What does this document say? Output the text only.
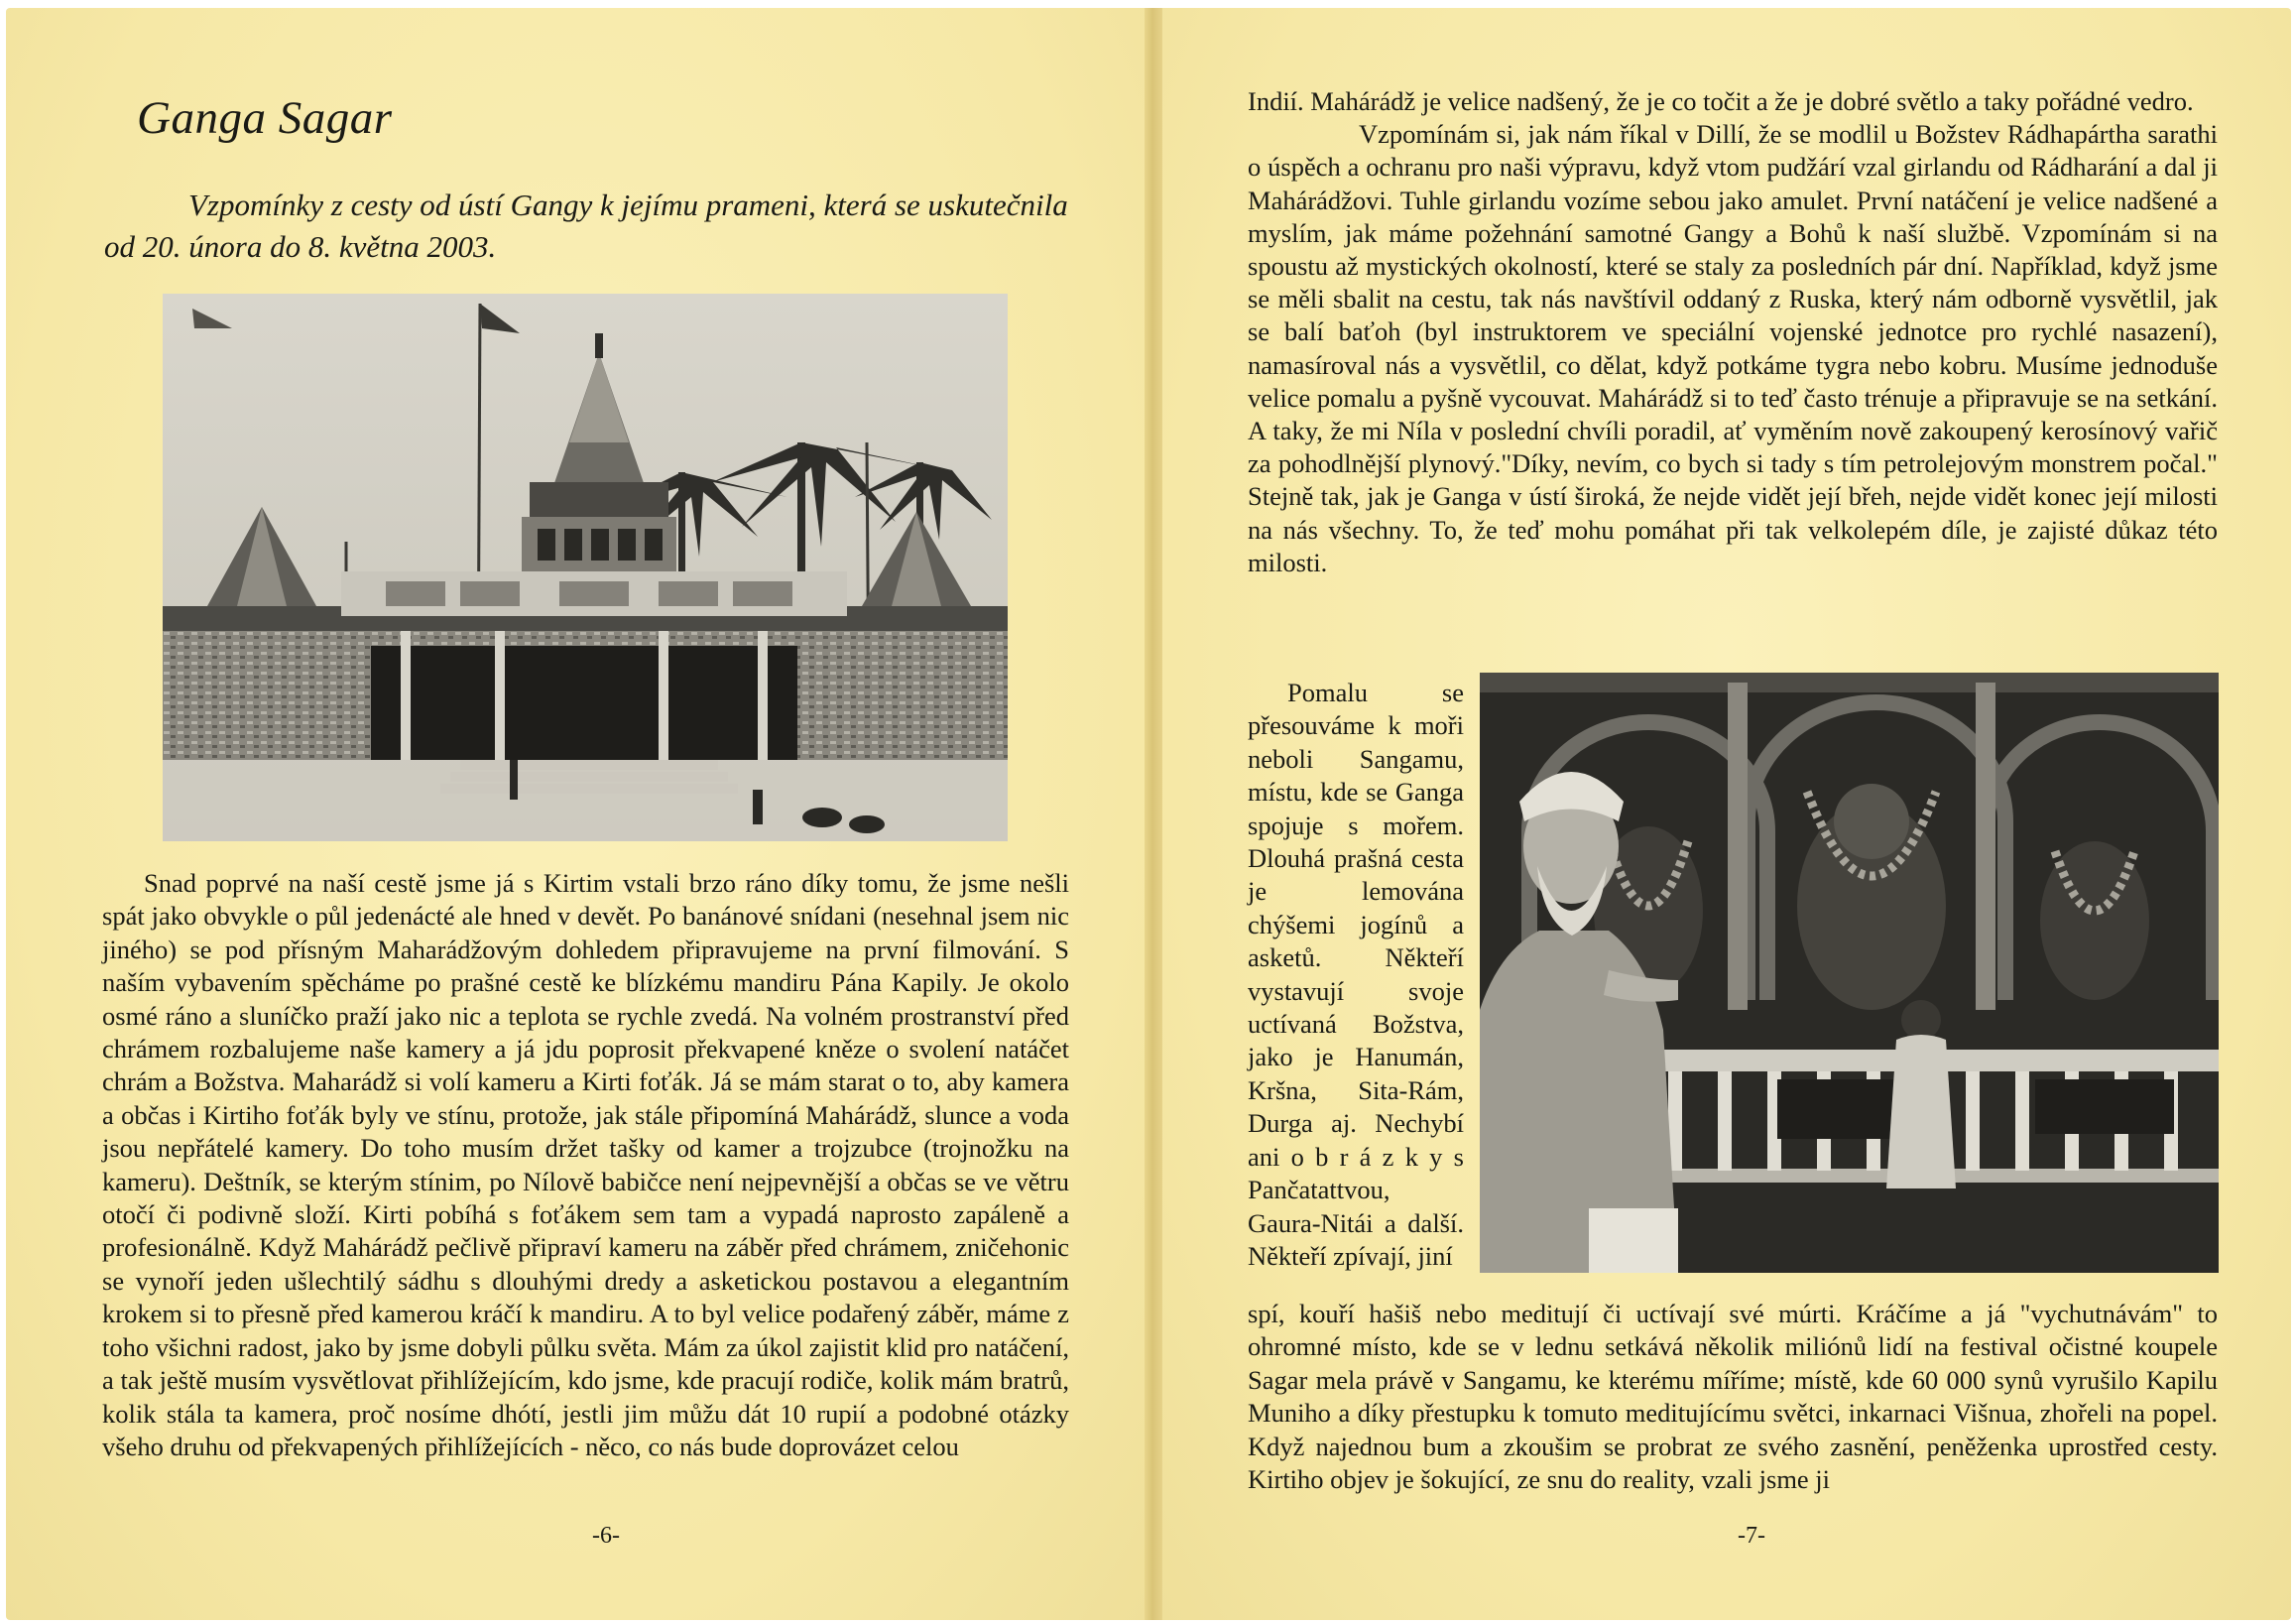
Ganga Sagar

Vzpomínky z cesty od ústí Gangy k jejímu prameni, která se uskutečnila od 20. února do 8. května 2003.

Snad poprvé na naší cestě jsme já s Kirtim vstali brzo ráno díky tomu, že jsme nešli spát jako obvykle o půl jedenácté ale hned v devět. Po banánové snídani (nesehnal jsem nic jiného) se pod přísným Maharádžovým dohledem připravujeme na první filmování. S naším vybavením spěcháme po prašné cestě ke blízkému mandiru Pána Kapily. Je okolo osmé ráno a sluníčko praží jako nic a teplota se rychle zvedá. Na volném prostranství před chrámem rozbalujeme naše kamery a já jdu poprosit překvapené kněze o svolení natáčet chrám a Božstva. Maharádž si volí kameru a Kirti foťák. Já se mám starat o to, aby kamera a občas i Kirtiho foťák byly ve stínu, protože, jak stále připomíná Mahárádž, slunce a voda jsou nepřátelé kamery. Do toho musím držet tašky od kamer a trojzubce (trojnožku na kameru). Deštník, se kterým stínim, po Nílově babičce není nejpevnější a občas se ve větru otočí či podivně složí. Kirti pobíhá s foťákem sem tam a vypadá naprosto zapáleně a profesionálně. Když Mahárádž pečlivě připraví kameru na záběr před chrámem, zničehonic se vynoří jeden ušlechtilý sádhu s dlouhými dredy a asketickou postavou a elegantním krokem si to přesně před kamerou kráčí k mandiru. A to byl velice podařený záběr, máme z toho všichni radost, jako by jsme dobyli půlku světa. Mám za úkol zajistit klid pro natáčení, a tak ještě musím vysvětlovat přihlížejícím, kdo jsme, kde pracují rodiče, kolik mám bratrů, kolik stála ta kamera, proč nosíme dhótí, jestli jim můžu dát 10 rupií a podobné otázky všeho druhu od překvapených přihlížejících - něco, co nás bude doprovázet celou

-6-

Indií. Mahárádž je velice nadšený, že je co točit a že je dobré světlo a taky pořádné vedro.

Vzpomínám si, jak nám říkal v Dillí, že se modlil u Božstev Rádhapártha sarathi o úspěch a ochranu pro naši výpravu, když vtom pudžárí vzal girlandu od Rádharání a dal ji Mahárádžovi. Tuhle girlandu vozíme sebou jako amulet. První natáčení je velice nadšené a myslím, jak máme požehnání samotné Gangy a Bohů k naší službě. Vzpomínám si na spoustu až mystických okolností, které se staly za posledních pár dní. Například, když jsme se měli sbalit na cestu, tak nás navštívil oddaný z Ruska, který nám odborně vysvětlil, jak se balí baťoh (byl instruktorem ve speciální vojenské jednotce pro rychlé nasazení), namasíroval nás a vysvětlil, co dělat, když potkáme tygra nebo kobru. Musíme jednoduše velice pomalu a pyšně vycouvat. Mahárádž si to teď často trénuje a připravuje se na setkání. A taky, že mi Níla v poslední chvíli poradil, ať vyměním nově zakoupený kerosínový vařič za pohodlnější plynový."Díky, nevím, co bych si tady s tím petrolejovým monstrem počal." Stejně tak, jak je Ganga v ústí široká, že nejde vidět její břeh, nejde vidět konec její milosti na nás všechny. To, že teď mohu pomáhat při tak velkolepém díle, je zajisté důkaz této milosti.

Pomalu se přesouváme k moři neboli Sangamu, místu, kde se Ganga spojuje s mořem. Dlouhá prašná cesta je lemována chýšemi jogínů a asketů. Někteří vystavují svoje uctívaná Božstva, jako je Hanumán, Kršna, Sita-Rám, Durga aj. Nechybí ani o b r á z k y s Pančatattvou, Gaura-Nitái a další. Někteří zpívají, jiní

spí, kouří hašiš nebo meditují či uctívají své múrti. Kráčíme a já "vychutnávám" to ohromné místo, kde se v lednu setkává několik miliónů lidí na festival očistné koupele Sagar mela právě v Sangamu, ke kterému míříme; místě, kde 60 000 synů vyrušilo Kapilu Muniho a díky přestupku k tomuto meditujícímu světci, inkarnaci Višnua, zhořeli na popel. Když najednou bum a zkoušim se probrat ze svého zasnění, peněženka uprostřed cesty. Kirtiho objev je šokující, ze snu do reality, vzali jsme ji

-7-
